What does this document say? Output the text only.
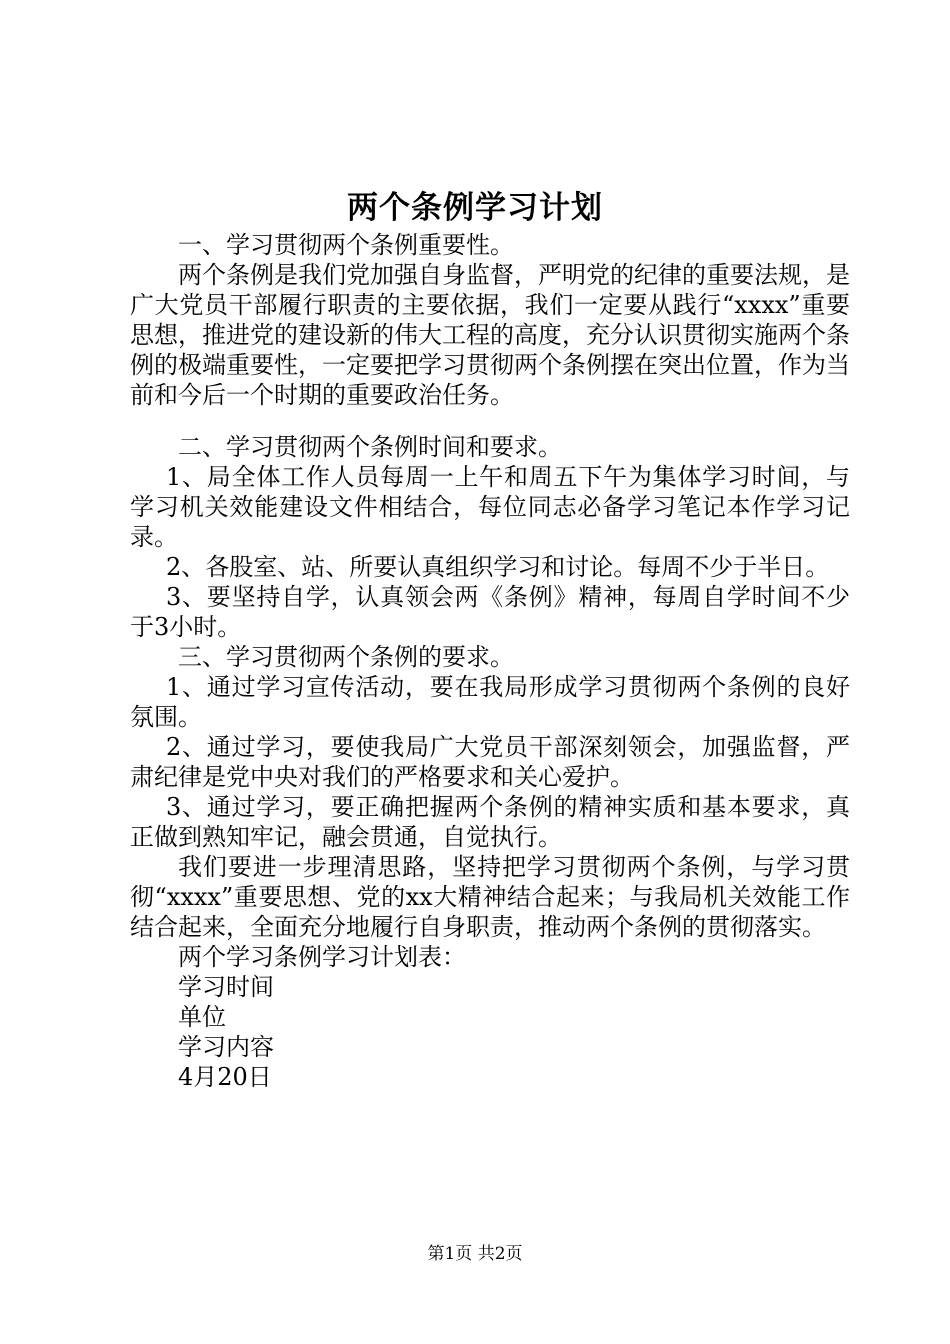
两个条例学习计划

一、学习贯彻两个条例重要性。

两个条例是我们党加强自身监督，严明党的纪律的重要法规，是广大党员干部履行职责的主要依据，我们一定要从践行“xxxx”重要思想，推进党的建设新的伟大工程的高度，充分认识贯彻实施两个条例的极端重要性，一定要把学习贯彻两个条例摆在突出位置，作为当前和今后一个时期的重要政治任务。

二、学习贯彻两个条例时间和要求。

1、局全体工作人员每周一上午和周五下午为集体学习时间，与学习机关效能建设文件相结合，每位同志必备学习笔记本作学习记录。

2、各股室、站、所要认真组织学习和讨论。每周不少于半日。

3、要坚持自学，认真领会两《条例》精神，每周自学时间不少于3小时。

三、学习贯彻两个条例的要求。

1、通过学习宣传活动，要在我局形成学习贯彻两个条例的良好氛围。

2、通过学习，要使我局广大党员干部深刻领会，加强监督，严肃纪律是党中央对我们的严格要求和关心爱护。

3、通过学习，要正确把握两个条例的精神实质和基本要求，真正做到熟知牢记，融会贯通，自觉执行。

我们要进一步理清思路，坚持把学习贯彻两个条例，与学习贯彻“xxxx”重要思想、党的xx大精神结合起来；与我局机关效能工作结合起来，全面充分地履行自身职责，推动两个条例的贯彻落实。

两个学习条例学习计划表：

学习时间

单位

学习内容

4月20日

第1页 共2页
